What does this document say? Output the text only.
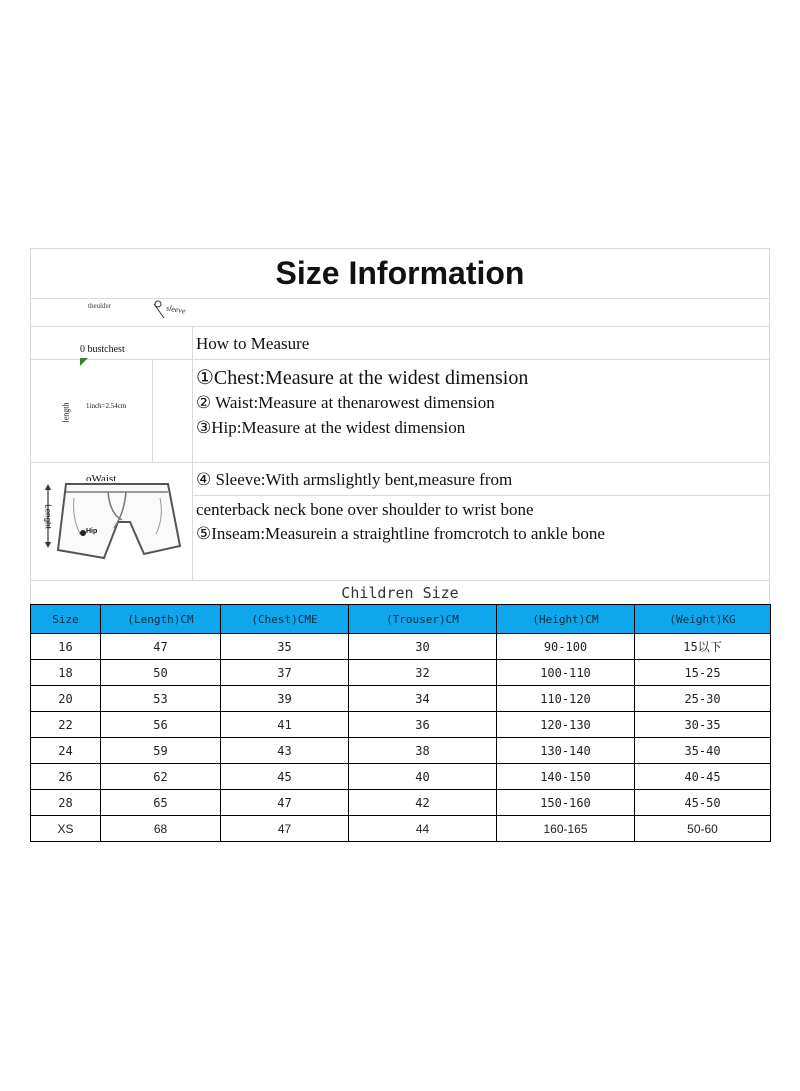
Size Information
theulder	sleeve
0 bustchest
length 1inch=2.54cm
oWaist
Lenght
Hip
How to Measure
①Chest:Measure at the widest dimension
② Waist:Measure at thenarowest dimension
③Hip:Measure at the widest dimension
④ Sleeve:With armslightly bent,measure from
centerback neck bone over shoulder to wrist bone
⑤Inseam:Measurein a straightline fromcrotch to ankle bone
Children Size
Size	(Length)CM	(Chest)CME	(Trouser)CM	(Height)CM	(Weight)KG
16	47	35	30	90-100	15以下
18	50	37	32	100-110	15-25
20	53	39	34	110-120	25-30
22	56	41	36	120-130	30-35
24	59	43	38	130-140	35-40
26	62	45	40	140-150	40-45
28	65	47	42	150-160	45-50
XS	68	47	44	160-165	50-60
